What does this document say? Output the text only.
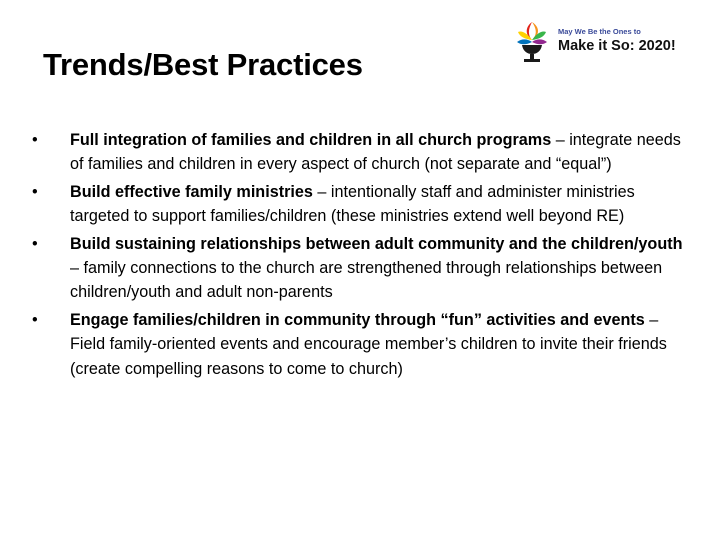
Trends/Best Practices
May We Be the Ones to
Make it So: 2020!
•	Full integration of families and children in all church programs – integrate needs of families and children in every aspect of church (not separate and “equal”)
•	Build effective family ministries – intentionally staff and administer ministries targeted to support families/children (these ministries extend well beyond RE)
•	Build sustaining relationships between adult community and the children/youth – family connections to the church are strengthened through relationships between children/youth and adult non-parents
•	Engage families/children in community through “fun” activities and events – Field family-oriented events and encourage member’s children to invite their friends (create compelling reasons to come to church)
